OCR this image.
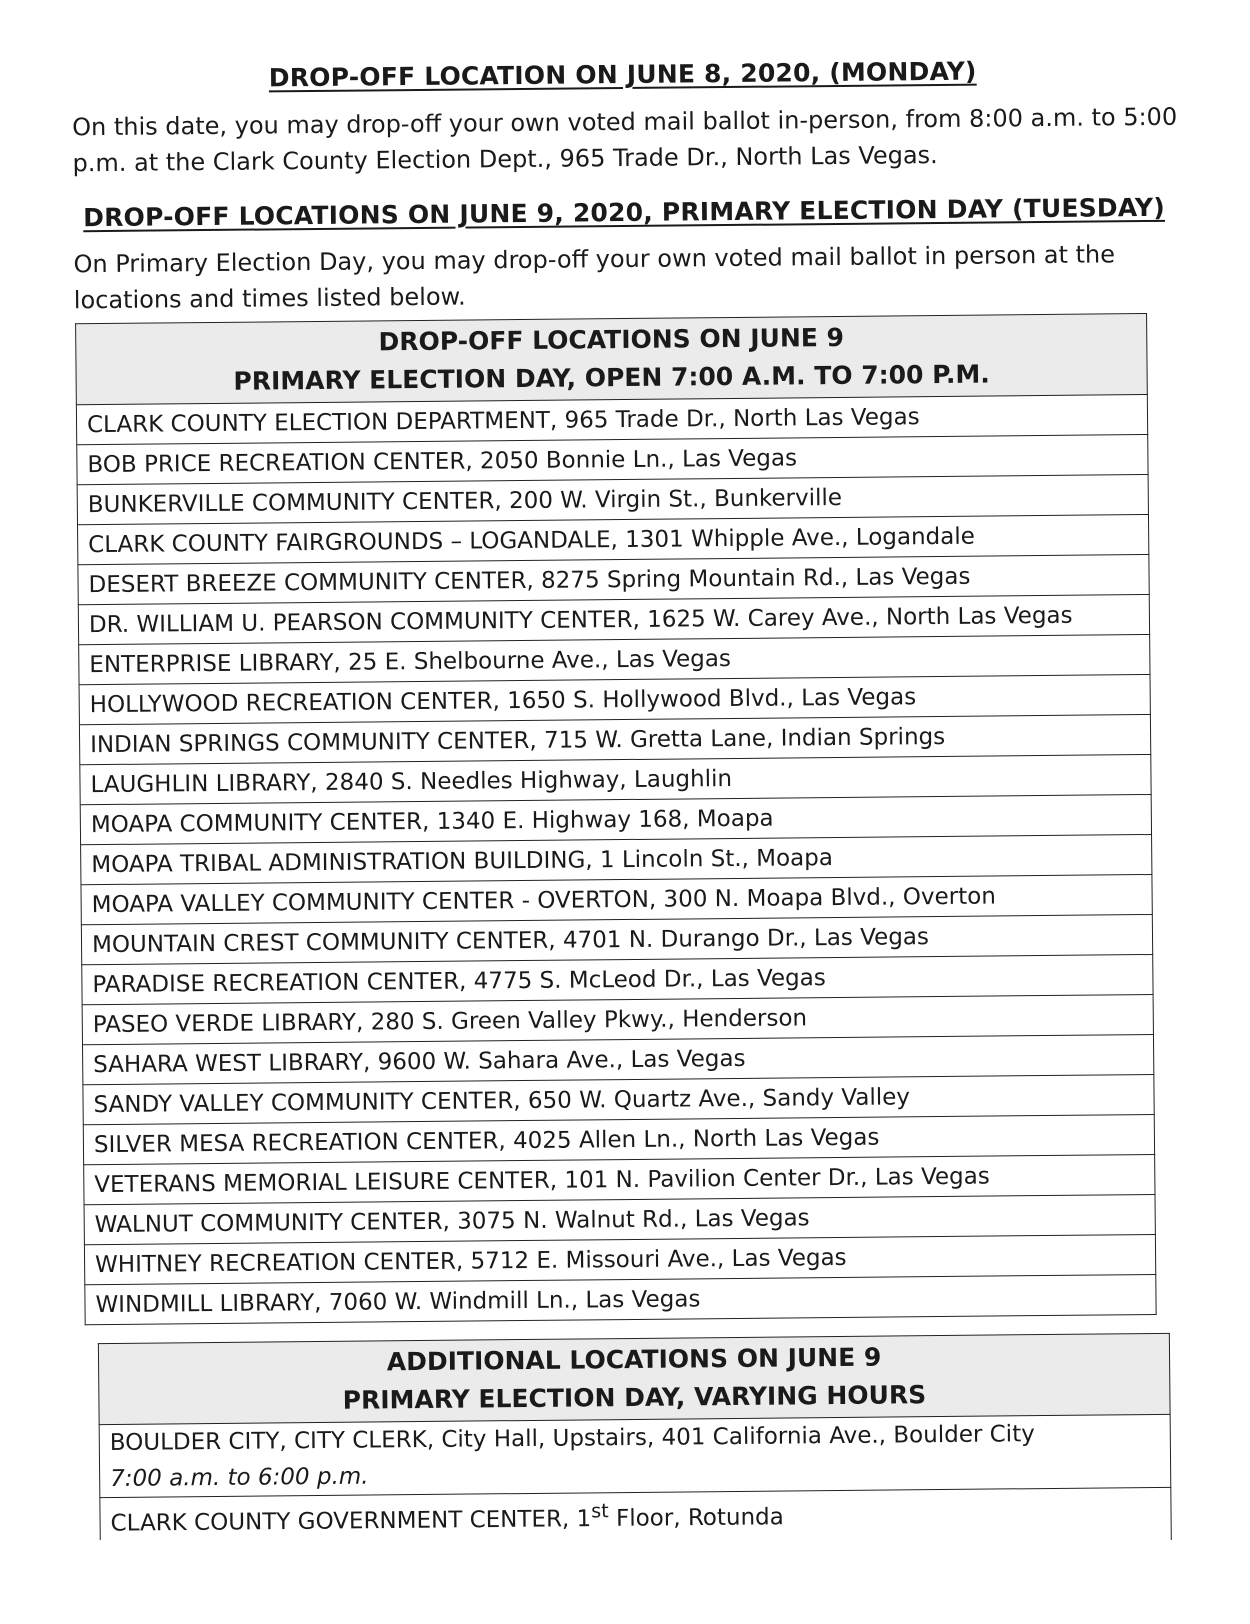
DROP-OFF LOCATION ON JUNE 8, 2020, (MONDAY)
On this date, you may drop-off your own voted mail ballot in-person, from 8:00 a.m. to 5:00 p.m. at the Clark County Election Dept., 965 Trade Dr., North Las Vegas.
DROP-OFF LOCATIONS ON JUNE 9, 2020, PRIMARY ELECTION DAY (TUESDAY)
On Primary Election Day, you may drop-off your own voted mail ballot in person at the locations and times listed below.
DROP-OFF LOCATIONS ON JUNE 9
PRIMARY ELECTION DAY, OPEN 7:00 A.M. TO 7:00 P.M.

CLARK COUNTY ELECTION DEPARTMENT, 965 Trade Dr., North Las Vegas
BOB PRICE RECREATION CENTER, 2050 Bonnie Ln., Las Vegas
BUNKERVILLE COMMUNITY CENTER, 200 W. Virgin St., Bunkerville
CLARK COUNTY FAIRGROUNDS – LOGANDALE, 1301 Whipple Ave., Logandale
DESERT BREEZE COMMUNITY CENTER, 8275 Spring Mountain Rd., Las Vegas
DR. WILLIAM U. PEARSON COMMUNITY CENTER, 1625 W. Carey Ave., North Las Vegas
ENTERPRISE LIBRARY, 25 E. Shelbourne Ave., Las Vegas
HOLLYWOOD RECREATION CENTER, 1650 S. Hollywood Blvd., Las Vegas
INDIAN SPRINGS COMMUNITY CENTER, 715 W. Gretta Lane, Indian Springs
LAUGHLIN LIBRARY, 2840 S. Needles Highway, Laughlin
MOAPA COMMUNITY CENTER, 1340 E. Highway 168, Moapa
MOAPA TRIBAL ADMINISTRATION BUILDING, 1 Lincoln St., Moapa
MOAPA VALLEY COMMUNITY CENTER - OVERTON, 300 N. Moapa Blvd., Overton
MOUNTAIN CREST COMMUNITY CENTER, 4701 N. Durango Dr., Las Vegas
PARADISE RECREATION CENTER, 4775 S. McLeod Dr., Las Vegas
PASEO VERDE LIBRARY, 280 S. Green Valley Pkwy., Henderson
SAHARA WEST LIBRARY, 9600 W. Sahara Ave., Las Vegas
SANDY VALLEY COMMUNITY CENTER, 650 W. Quartz Ave., Sandy Valley
SILVER MESA RECREATION CENTER, 4025 Allen Ln., North Las Vegas
VETERANS MEMORIAL LEISURE CENTER, 101 N. Pavilion Center Dr., Las Vegas
WALNUT COMMUNITY CENTER, 3075 N. Walnut Rd., Las Vegas
WHITNEY RECREATION CENTER, 5712 E. Missouri Ave., Las Vegas
WINDMILL LIBRARY, 7060 W. Windmill Ln., Las Vegas
ADDITIONAL LOCATIONS ON JUNE 9
PRIMARY ELECTION DAY, VARYING HOURS

BOULDER CITY, CITY CLERK, City Hall, Upstairs, 401 California Ave., Boulder City
7:00 a.m. to 6:00 p.m.

CLARK COUNTY GOVERNMENT CENTER, 1st Floor, Rotunda
